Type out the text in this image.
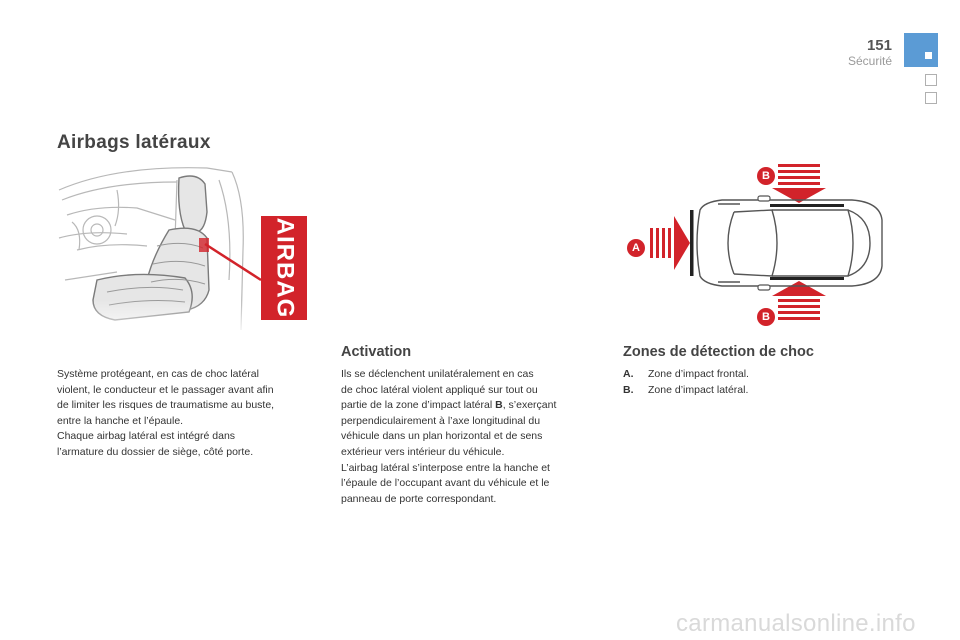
151
Sécurité
Airbags latéraux
AIRBAG
B
A
B

Système protégeant, en cas de choc latéral

violent, le conducteur et le passager avant afin

de limiter les risques de traumatisme au buste,

entre la hanche et l’épaule.

Chaque airbag latéral est intégré dans

l’armature du dossier de siège, côté porte.

Activation

Ils se déclenchent unilatéralement en cas

de choc latéral violent appliqué sur tout ou

partie de la zone d’impact latéral B, s’exerçant

perpendiculairement à l’axe longitudinal du

véhicule dans un plan horizontal et de sens

extérieur vers intérieur du véhicule.

L’airbag latéral s’interpose entre la hanche et

l’épaule de l’occupant avant du véhicule et le

panneau de porte correspondant.

Zones de détection de choc
A.	Zone d’impact frontal.
B.	Zone d’impact latéral.
carmanualsonline.info
